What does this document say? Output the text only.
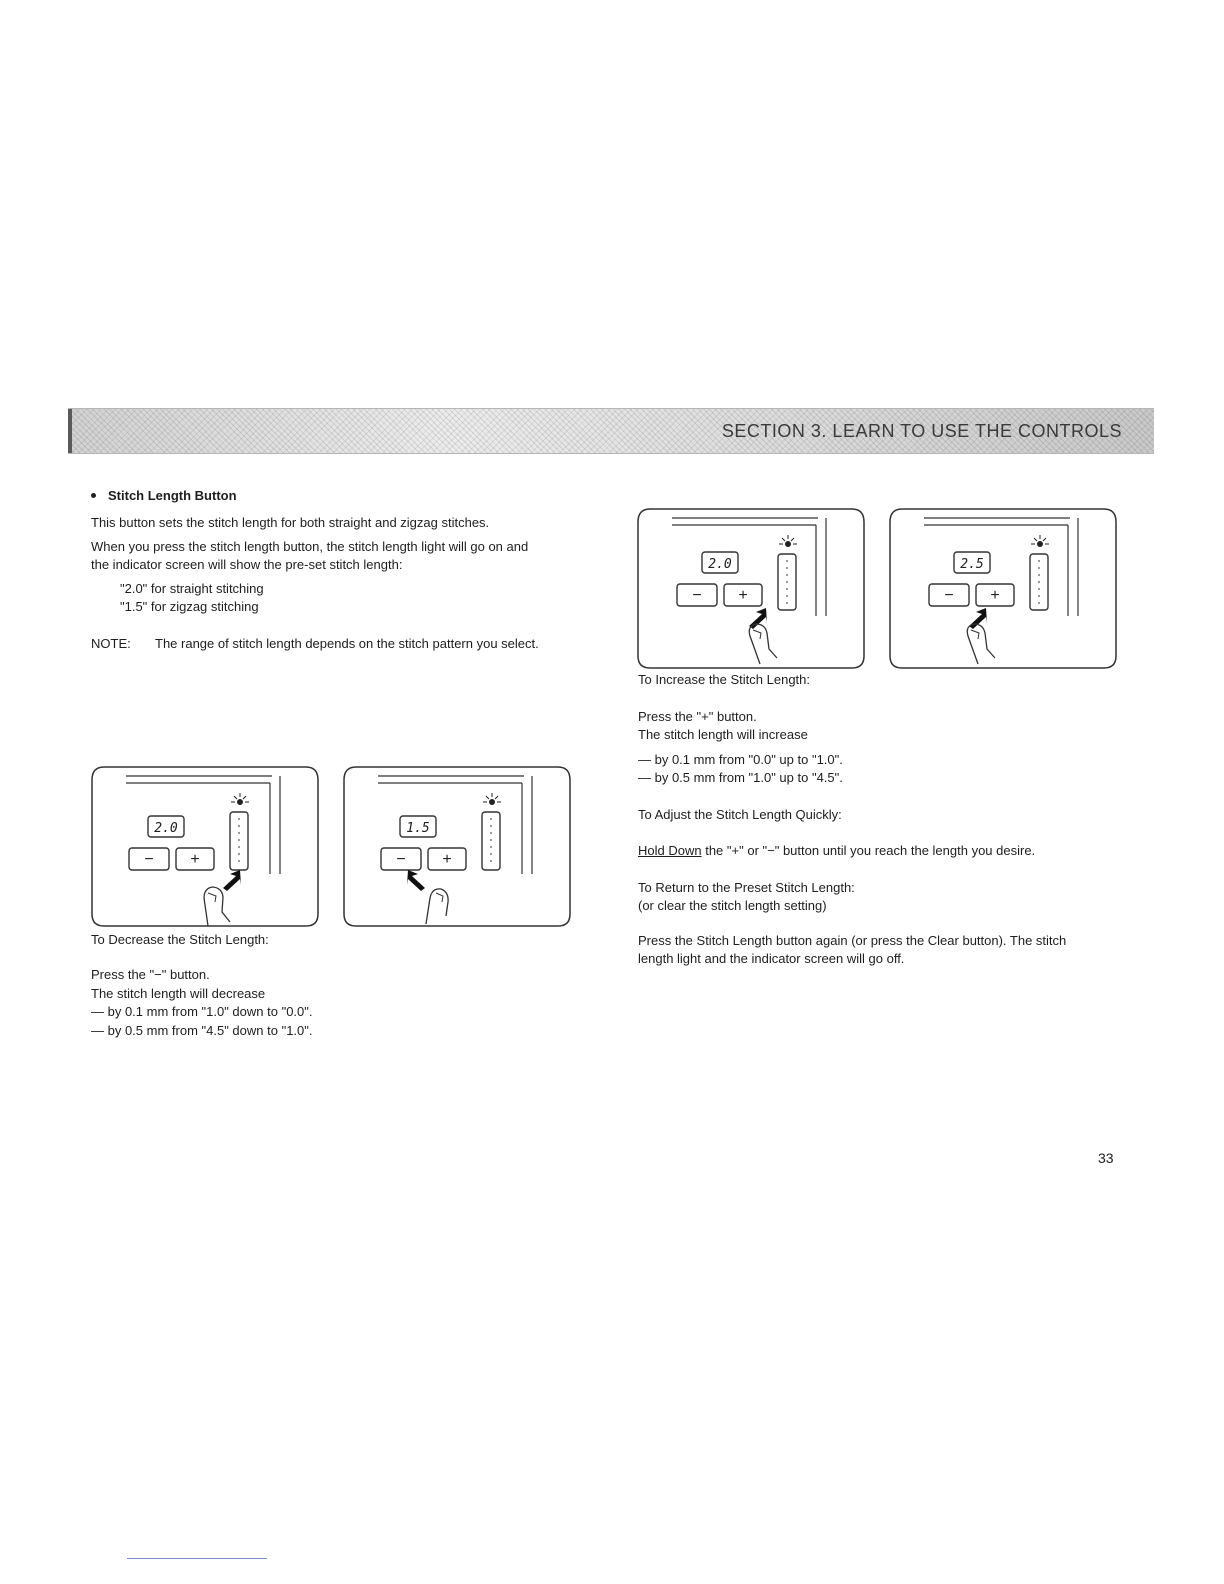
SECTION 3. LEARN TO USE THE CONTROLS
Stitch Length Button
This button sets the stitch length for both straight and zigzag stitches.
When you press the stitch length button, the stitch length light will go on and
the indicator screen will show the pre-set stitch length:
"2.0" for straight stitching
"1.5" for zigzag stitching
NOTE: The range of stitch length depends on the stitch pattern you select.
2.0
− +
1.5
− +
To Decrease the Stitch Length:
Press the "−" button.
The stitch length will decrease
— by 0.1 mm from "1.0" down to "0.0".
— by 0.5 mm from "4.5" down to "1.0".
2.0
− +
2.5
− +
To Increase the Stitch Length:
Press the "+" button.
The stitch length will increase
— by 0.1 mm from "0.0" up to "1.0".
— by 0.5 mm from "1.0" up to "4.5".
To Adjust the Stitch Length Quickly:
Hold Down the "+" or "−" button until you reach the length you desire.
To Return to the Preset Stitch Length:
(or clear the stitch length setting)
Press the Stitch Length button again (or press the Clear button). The stitch
length light and the indicator screen will go off.
33
